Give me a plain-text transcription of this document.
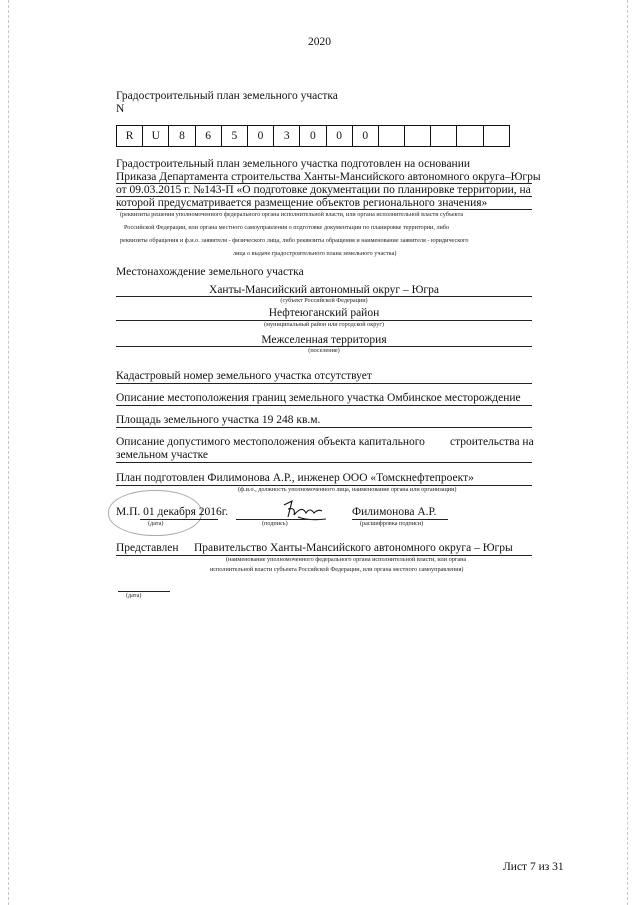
2020
Градостроительный план земельного участка
N
R	U	8	6	5	0	3	0	0	0
Градостроительный план земельного участка подготовлен на основании
Приказа Департамента строительства Ханты-Мансийского автономного округа–Югры
от 09.03.2015 г. №143-П «О подготовке документации по планировке территории, на
которой предусматривается размещение объектов регионального значения»
(реквизиты решения уполномоченного федерального органа исполнительной власти, или органа исполнительной власти субъекта
Российской Федерации, или органа местного самоуправления о подготовке документации по планировке территории, либо
реквизиты обращения и ф.и.о. заявителя - физического лица, либо реквизиты обращения и наименование заявителя - юридического
лица о выдаче градостроительного плана земельного участка)
Местонахождение земельного участка
Ханты-Мансийский автономный округ – Югра
(субъект Российской Федерации)
Нефтеюганский район
(муниципальный район или городской округ)
Межселенная территория
(поселение)
Кадастровый номер земельного участка отсутствует
Описание местоположения границ земельного участка Омбинское месторождение
Площадь земельного участка 19 248 кв.м.
Описание допустимого местоположения объекта капитального строительства на
земельном участке
План подготовлен Филимонова А.Р., инженер ООО «Томскнефтепроект»
(ф.и.о., должность уполномоченного лица, наименование органа или организации)
М.П. 01 декабря 2016г.
(дата)	(подпись)
Филимонова А.Р.
(расшифровка подписи)
Представлен Правительство Ханты-Мансийского автономного округа – Югры
(наименование уполномоченного федерального органа исполнительной власти, или органа
исполнительной власти субъекта Российской Федерации, или органа местного самоуправления)
(дата)
Лист 7 из 31
